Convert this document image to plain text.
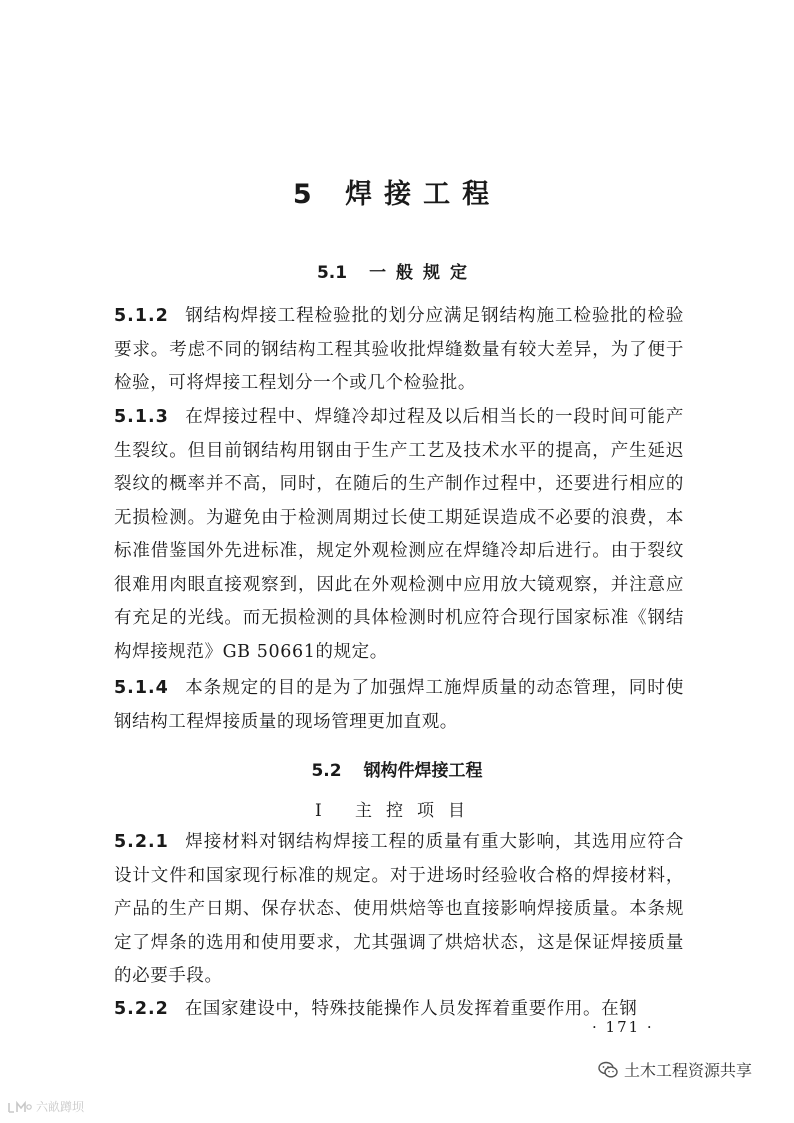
5 焊接工程
5.1 一般规定
5.1.2 钢结构焊接工程检验批的划分应满足钢结构施工检验批的检验要求。考虑不同的钢结构工程其验收批焊缝数量有较大差异，为了便于检验，可将焊接工程划分一个或几个检验批。
5.1.3 在焊接过程中、焊缝冷却过程及以后相当长的一段时间可能产生裂纹。但目前钢结构用钢由于生产工艺及技术水平的提高，产生延迟裂纹的概率并不高，同时，在随后的生产制作过程中，还要进行相应的无损检测。为避免由于检测周期过长使工期延误造成不必要的浪费，本标准借鉴国外先进标准，规定外观检测应在焊缝冷却后进行。由于裂纹很难用肉眼直接观察到，因此在外观检测中应用放大镜观察，并注意应有充足的光线。而无损检测的具体检测时机应符合现行国家标准《钢结构焊接规范》GB 50661的规定。
5.1.4 本条规定的目的是为了加强焊工施焊质量的动态管理，同时使钢结构工程焊接质量的现场管理更加直观。
5.2 钢构件焊接工程
Ⅰ 主控项目
5.2.1 焊接材料对钢结构焊接工程的质量有重大影响，其选用应符合设计文件和国家现行标准的规定。对于进场时经验收合格的焊接材料，产品的生产日期、保存状态、使用烘焙等也直接影响焊接质量。本条规定了焊条的选用和使用要求，尤其强调了烘焙状态，这是保证焊接质量的必要手段。
5.2.2 在国家建设中，特殊技能操作人员发挥着重要作用。在钢
· 171 ·
土木工程资源共享
六畝蹲坝
